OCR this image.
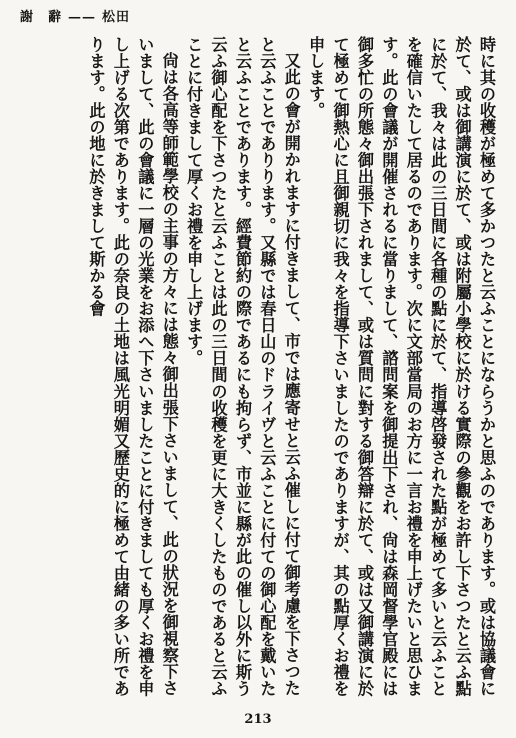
謝　辭 —— 松田

時に其の收穫が極めて多かつたと云ふことにならうかと思ふのであります。或は協議會に於て、或は御講演に於て、或は附屬小學校に於ける實際の參觀をお許し下さつたと云ふ點に於て、我々は此の三日間に各種の點に於て、指導啓發された點が極めて多いと云ふことを確信いたして居るのであります。次に文部當局のお方に一言お禮を申上げたいと思ひます。此の會議が開催されるに當りまして、諮問案を御提出下され、尙は森岡督學官殿には御多忙の所態々御出張下されまして、或は質問に對する御答辯に於て、或は又御講演に於て極めて御熱心に且御親切に我々を指導下さいましたのでありますが、其の點厚くお禮を申します。

又此の會が開かれますに付きまして、市では應寄せと云ふ催しに付て御考慮を下さつたと云ふことでありります。又縣では春日山のドライヴと云ふことに付ての御心配を戴いたと云ふことであります。經費節約の際であるにも拘らず、市並に縣が此の催し以外に斯う云ふ御心配を下さつたと云ふことは此の三日間の收穫を更に大きくしたものであると云ふことに付きまして厚くお禮を申し上げます。

尙は各高等師範學校の主事の方々には態々御出張下さいまして、此の狀況を御視察下さいまして、此の會議に一層の光業をお添へ下さいましたことに付きましても厚くお禮を申し上げる次第であります。此の奈良の土地は風光明媚又歷史的に極めて由緒の多い所であります。此の地に於きまして斯かる會

213
